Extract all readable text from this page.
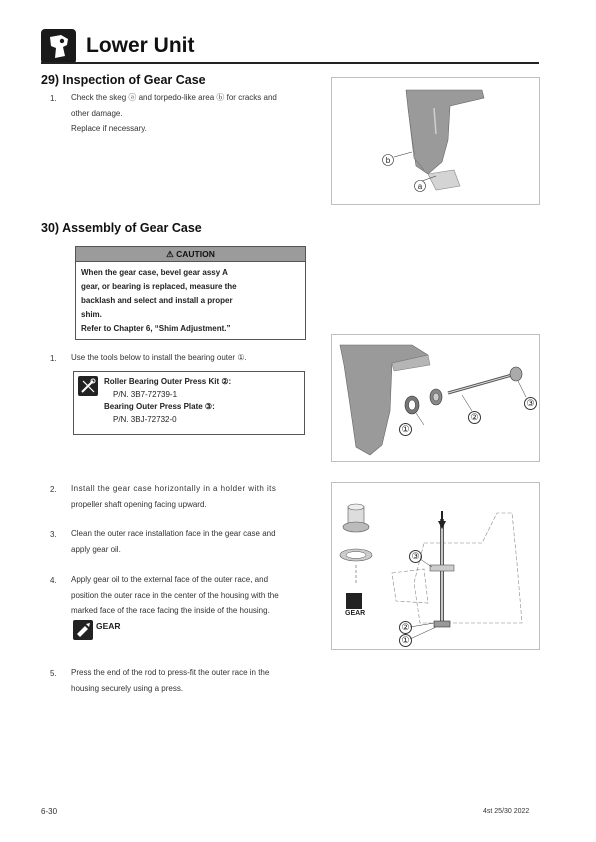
Lower Unit
29) Inspection of Gear Case
1. Check the skeg ⓐ and torpedo-like area ⓑ for cracks and
other damage.
Replace if necessary.
b
a
30) Assembly of Gear Case
⚠ CAUTION
When the gear case, bevel gear assy A
gear, or bearing is replaced, measure the
backlash and select and install a proper
shim.
Refer to Chapter 6, “Shim Adjustment.”
1. Use the tools below to install the bearing outer ①.
Roller Bearing Outer Press Kit ②:
P/N. 3B7-72739-1
Bearing Outer Press Plate ③:
P/N. 3BJ-72732-0
①
②
③
2. Install the gear case horizontally in a holder with its
propeller shaft opening facing upward.
3. Clean the outer race installation face in the gear case and
apply gear oil.
4. Apply gear oil to the external face of the outer race, and
position the outer race in the center of the housing with the
marked face of the race facing the inside of the housing.
GEAR
5. Press the end of the rod to press-fit the outer race in the
housing securely using a press.
③
②
①
GEAR
6-30	4st 25/30 2022
